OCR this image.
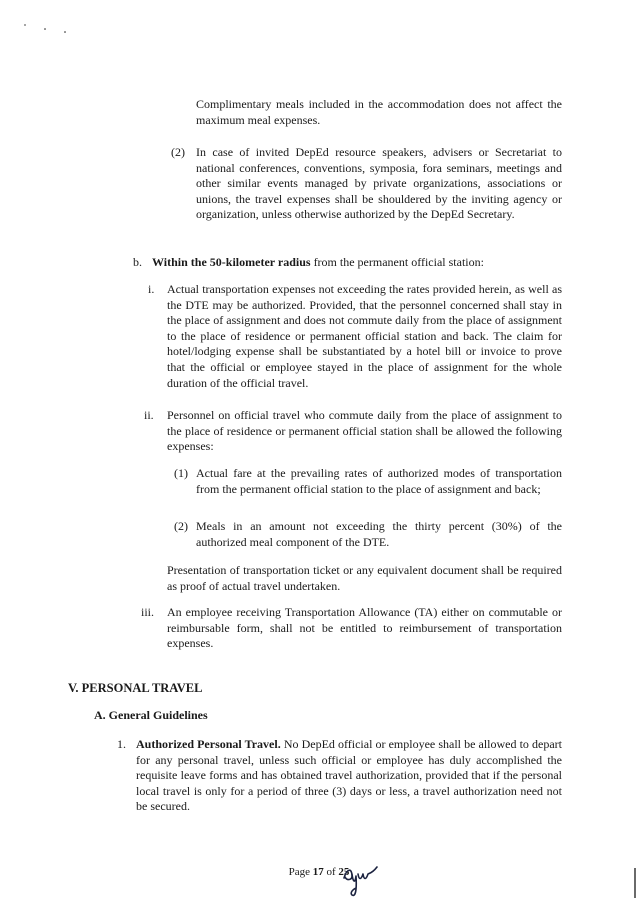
Complimentary meals included in the accommodation does not affect the maximum meal expenses.

(2) In case of invited DepEd resource speakers, advisers or Secretariat to national conferences, conventions, symposia, fora seminars, meetings and other similar events managed by private organizations, associations or unions, the travel expenses shall be shouldered by the inviting agency or organization, unless otherwise authorized by the DepEd Secretary.

b. Within the 50-kilometer radius from the permanent official station:

i. Actual transportation expenses not exceeding the rates provided herein, as well as the DTE may be authorized. Provided, that the personnel concerned shall stay in the place of assignment and does not commute daily from the place of assignment to the place of residence or permanent official station and back. The claim for hotel/lodging expense shall be substantiated by a hotel bill or invoice to prove that the official or employee stayed in the place of assignment for the whole duration of the official travel.

ii. Personnel on official travel who commute daily from the place of assignment to the place of residence or permanent official station shall be allowed the following expenses:

(1) Actual fare at the prevailing rates of authorized modes of transportation from the permanent official station to the place of assignment and back;

(2) Meals in an amount not exceeding the thirty percent (30%) of the authorized meal component of the DTE.

Presentation of transportation ticket or any equivalent document shall be required as proof of actual travel undertaken.

iii. An employee receiving Transportation Allowance (TA) either on commutable or reimbursable form, shall not be entitled to reimbursement of transportation expenses.

V. PERSONAL TRAVEL

A. General Guidelines

1. Authorized Personal Travel. No DepEd official or employee shall be allowed to depart for any personal travel, unless such official or employee has duly accomplished the requisite leave forms and has obtained travel authorization, provided that if the personal local travel is only for a period of three (3) days or less, a travel authorization need not be secured.

Page 17 of 25
